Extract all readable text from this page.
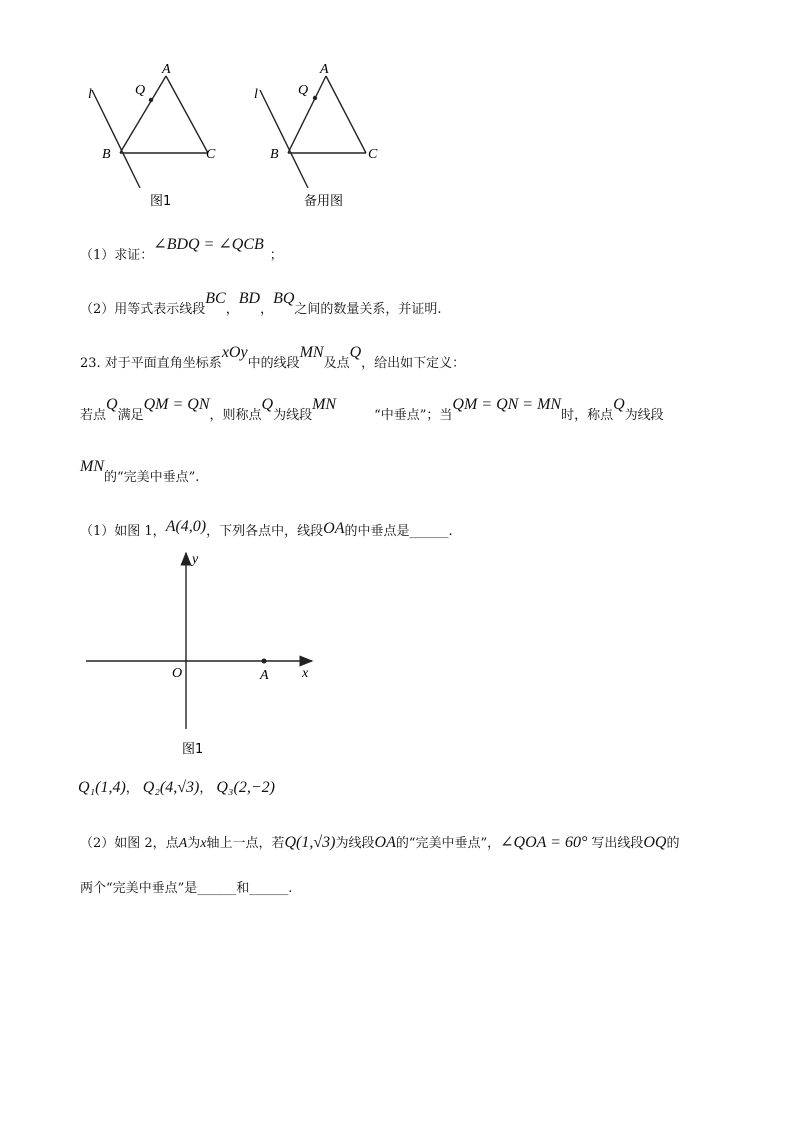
l
A
Q
B	C
图1
l
A
Q
B	C
备用图
（1）求证：∠BDQ = ∠QCB；
（2）用等式表示线段BC，BD，BQ之间的数量关系，并证明.
23. 对于平面直角坐标系xOy中的线段MN及点Q，给出如下定义：
若点Q满足QM = QN，则称点Q为线段MN“中垂点”；当QM = QN = MN时，称点Q为线段
MN的“完美中垂点”.
（1）如图 1，A(4,0)，下列各点中，线段OA的中垂点是______.
y
x
O	A
图1
Q₁(1,4)， Q₂(4,√3)， Q₃(2,−2)
（2）如图 2，点A为x轴上一点，若Q(1,√3)为线段OA的“完美中垂点”，∠QOA = 60° 写出线段OQ的
两个“完美中垂点”是______和______.
